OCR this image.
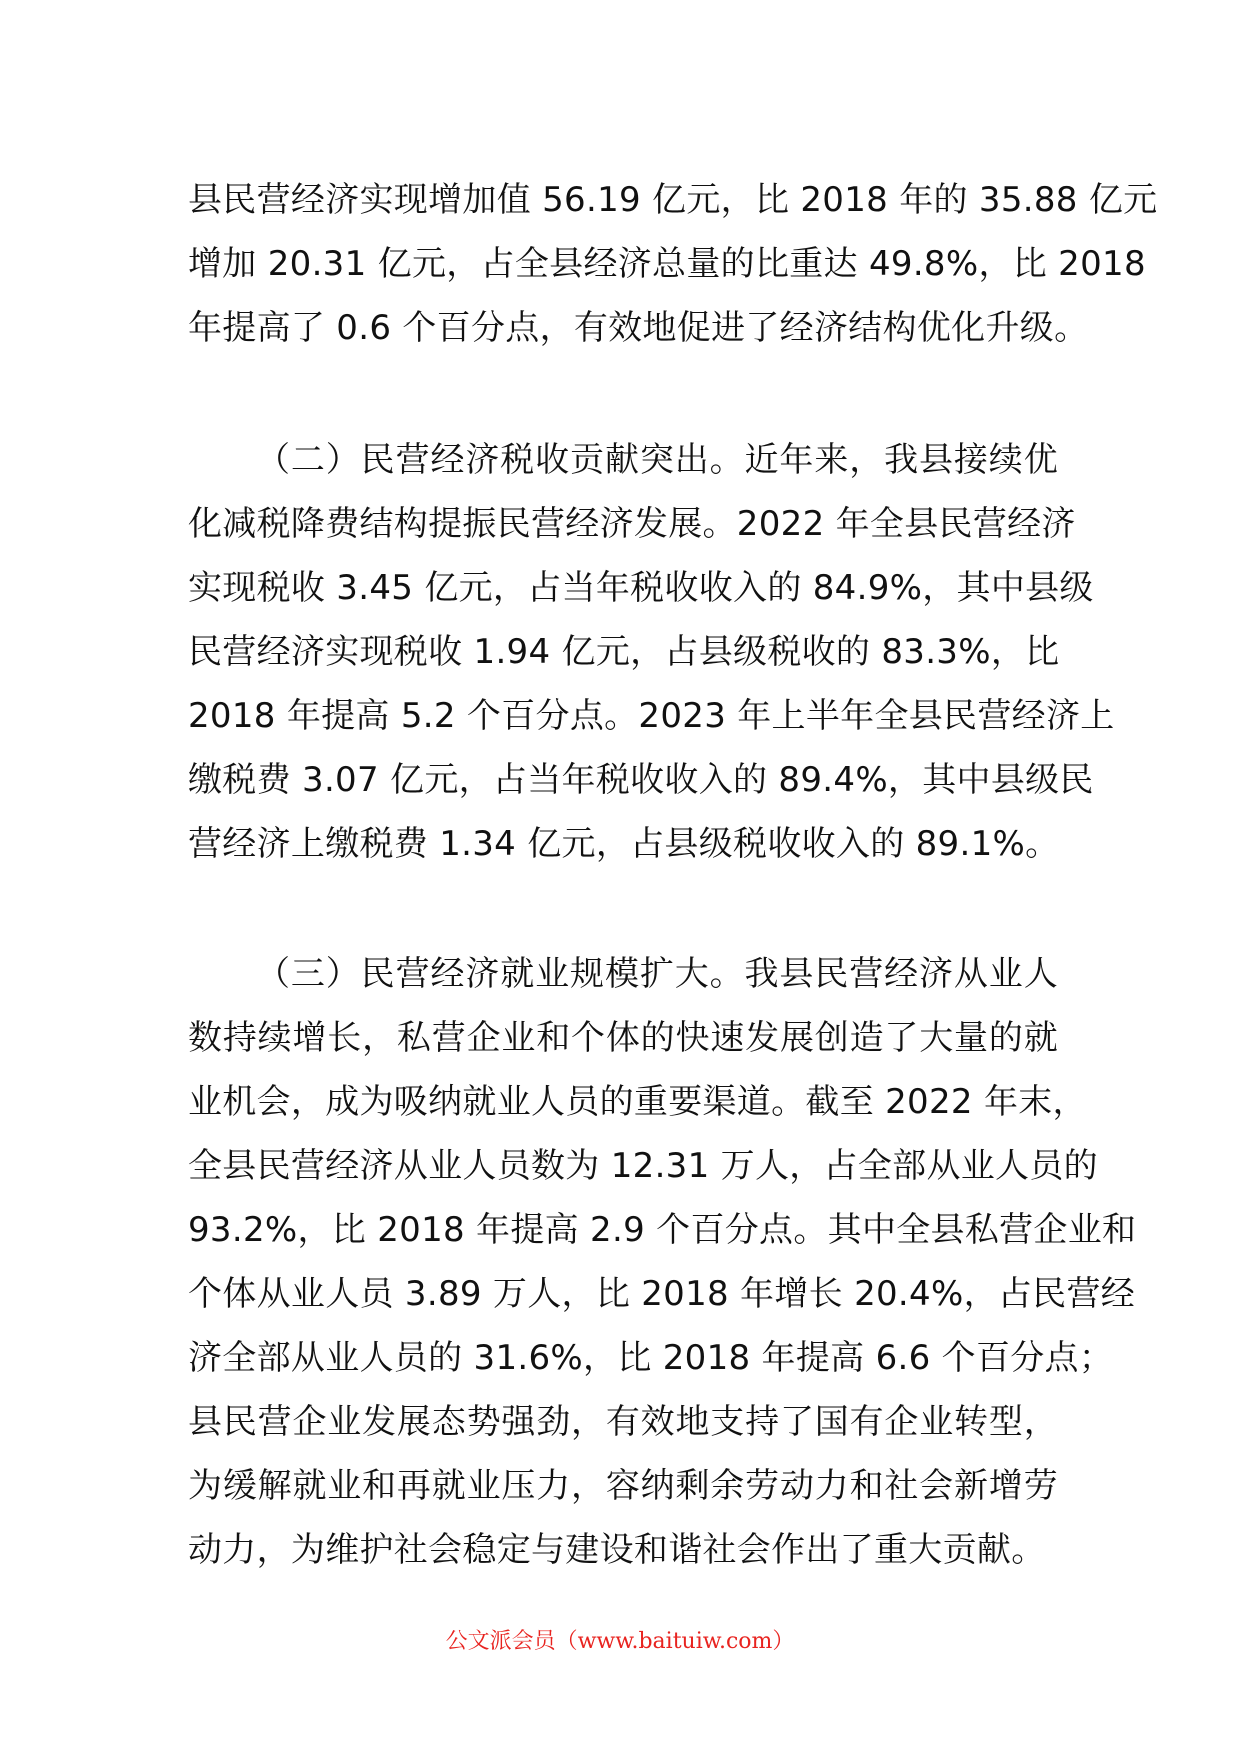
县民营经济实现增加值 56.19 亿元，比 2018 年的 35.88 亿元
增加 20.31 亿元，占全县经济总量的比重达 49.8%，比 2018
年提高了 0.6 个百分点，有效地促进了经济结构优化升级。
（二）民营经济税收贡献突出。近年来，我县接续优
化减税降费结构提振民营经济发展。2022 年全县民营经济
实现税收 3.45 亿元，占当年税收收入的 84.9%，其中县级
民营经济实现税收 1.94 亿元，占县级税收的 83.3%，比
2018 年提高 5.2 个百分点。2023 年上半年全县民营经济上
缴税费 3.07 亿元，占当年税收收入的 89.4%，其中县级民
营经济上缴税费 1.34 亿元，占县级税收收入的 89.1%。
（三）民营经济就业规模扩大。我县民营经济从业人
数持续增长，私营企业和个体的快速发展创造了大量的就
业机会，成为吸纳就业人员的重要渠道。截至 2022 年末，
全县民营经济从业人员数为 12.31 万人，占全部从业人员的
93.2%，比 2018 年提高 2.9 个百分点。其中全县私营企业和
个体从业人员 3.89 万人，比 2018 年增长 20.4%，占民营经
济全部从业人员的 31.6%，比 2018 年提高 6.6 个百分点；
县民营企业发展态势强劲，有效地支持了国有企业转型，
为缓解就业和再就业压力，容纳剩余劳动力和社会新增劳
动力，为维护社会稳定与建设和谐社会作出了重大贡献。
公文派会员（www.baituiw.com）
